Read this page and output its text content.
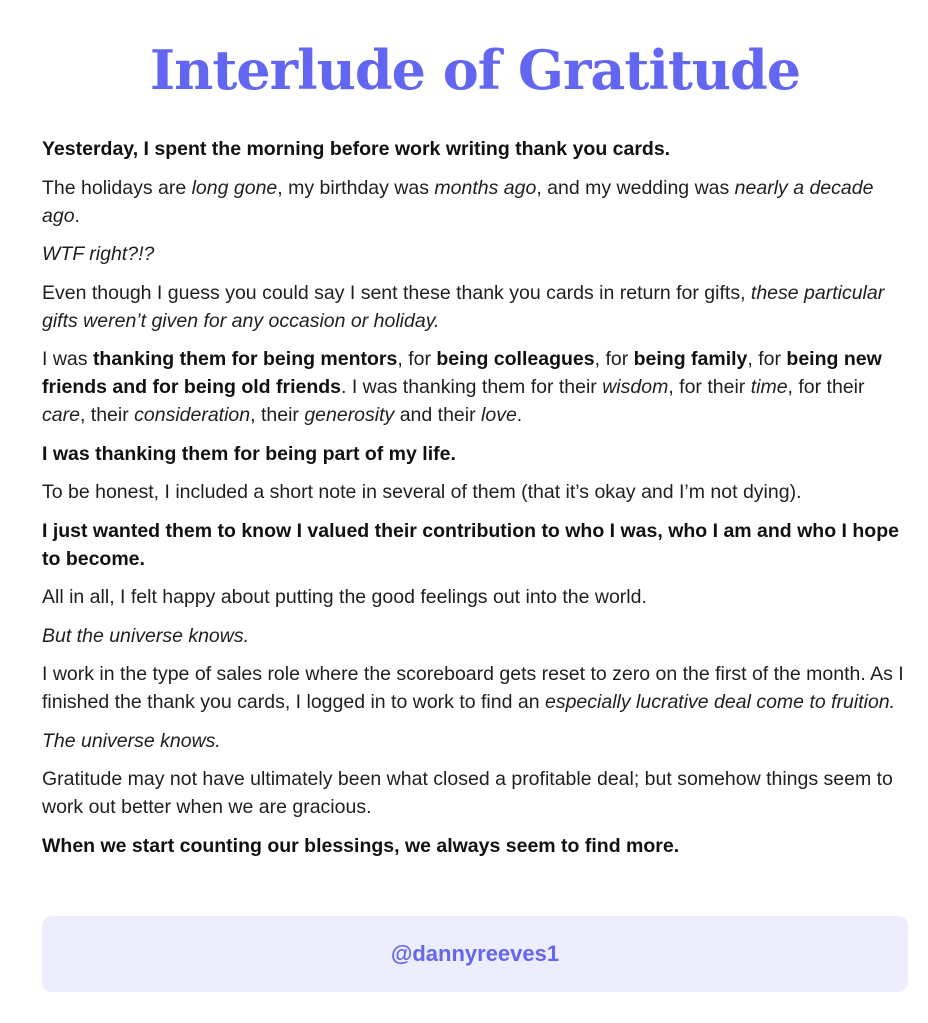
Interlude of Gratitude

Yesterday, I spent the morning before work writing thank you cards.

The holidays are long gone, my birthday was months ago, and my wedding was nearly a decade ago.

WTF right?!?

Even though I guess you could say I sent these thank you cards in return for gifts, these particular gifts weren’t given for any occasion or holiday.

I was thanking them for being mentors, for being colleagues, for being family, for being new friends and for being old friends. I was thanking them for their wisdom, for their time, for their care, their consideration, their generosity and their love.

I was thanking them for being part of my life.

To be honest, I included a short note in several of them (that it’s okay and I’m not dying).

I just wanted them to know I valued their contribution to who I was, who I am and who I hope to become.

All in all, I felt happy about putting the good feelings out into the world.

But the universe knows.

I work in the type of sales role where the scoreboard gets reset to zero on the first of the month. As I finished the thank you cards, I logged in to work to find an especially lucrative deal come to fruition.

The universe knows.

Gratitude may not have ultimately been what closed a profitable deal; but somehow things seem to work out better when we are gracious.

When we start counting our blessings, we always seem to find more.

@dannyreeves1
